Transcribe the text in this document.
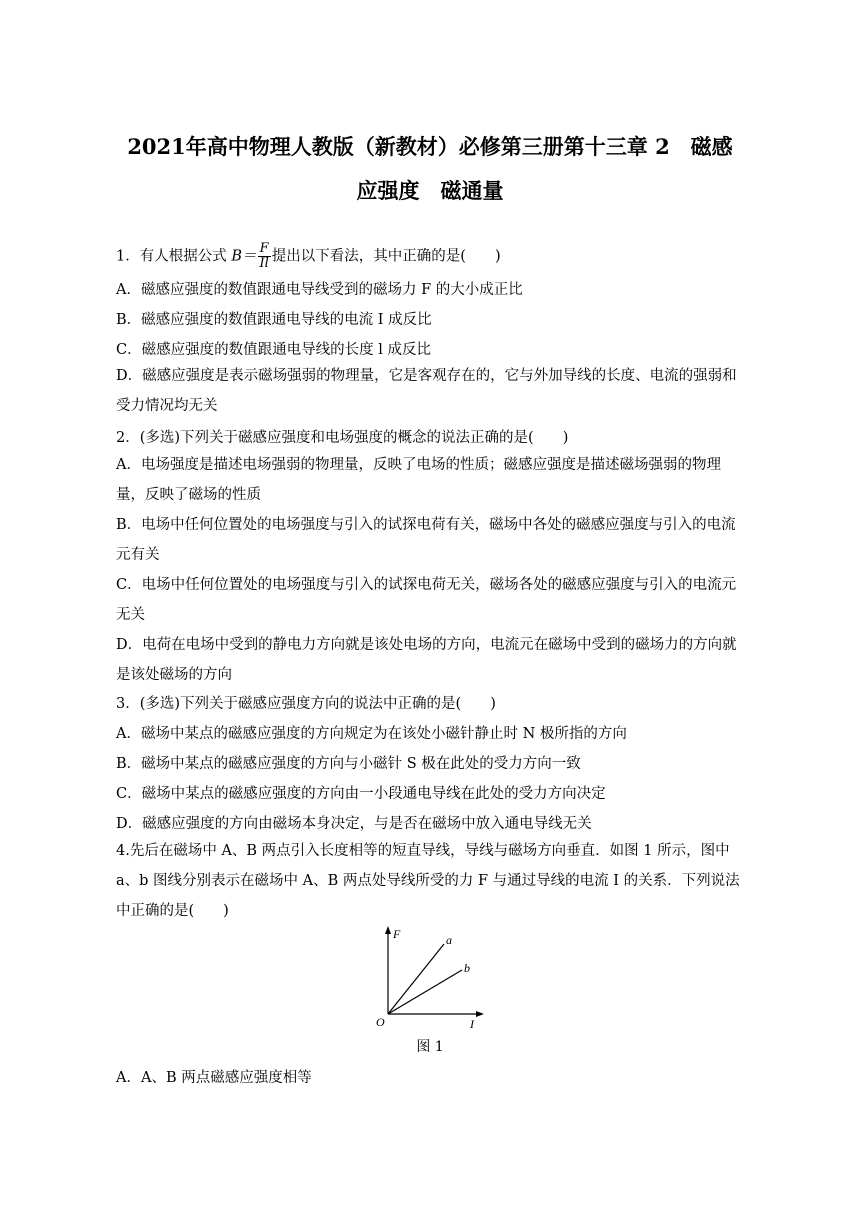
2021年高中物理人教版（新教材）必修第三册第十三章 2　磁感
应强度　磁通量
1．有人根据公式 $B= \frac{F}{Il}$ 提出以下看法，其中正确的是(　　)
A．磁感应强度的数值跟通电导线受到的磁场力 F 的大小成正比
B．磁感应强度的数值跟通电导线的电流 I 成反比
C．磁感应强度的数值跟通电导线的长度 l 成反比
D．磁感应强度是表示磁场强弱的物理量，它是客观存在的，它与外加导线的长度、电流的强弱和受力情况均无关
2．(多选)下列关于磁感应强度和电场强度的概念的说法正确的是(　　)
A．电场强度是描述电场强弱的物理量，反映了电场的性质；磁感应强度是描述磁场强弱的物理量，反映了磁场的性质
B．电场中任何位置处的电场强度与引入的试探电荷有关，磁场中各处的磁感应强度与引入的电流元有关
C．电场中任何位置处的电场强度与引入的试探电荷无关，磁场各处的磁感应强度与引入的电流元无关
D．电荷在电场中受到的静电力方向就是该处电场的方向，电流元在磁场中受到的磁场力的方向就是该处磁场的方向
3．(多选)下列关于磁感应强度方向的说法中正确的是(　　)
A．磁场中某点的磁感应强度的方向规定为在该处小磁针静止时 N 极所指的方向
B．磁场中某点的磁感应强度的方向与小磁针 S 极在此处的受力方向一致
C．磁场中某点的磁感应强度的方向由一小段通电导线在此处的受力方向决定
D．磁感应强度的方向由磁场本身决定，与是否在磁场中放入通电导线无关
4.先后在磁场中 A、B 两点引入长度相等的短直导线，导线与磁场方向垂直．如图 1 所示，图中 a、b 图线分别表示在磁场中 A、B 两点处导线所受的力 F 与通过导线的电流 I 的关系．下列说法中正确的是(　　)
F
I
O
a
b
图 1
A．A、B 两点磁感应强度相等
